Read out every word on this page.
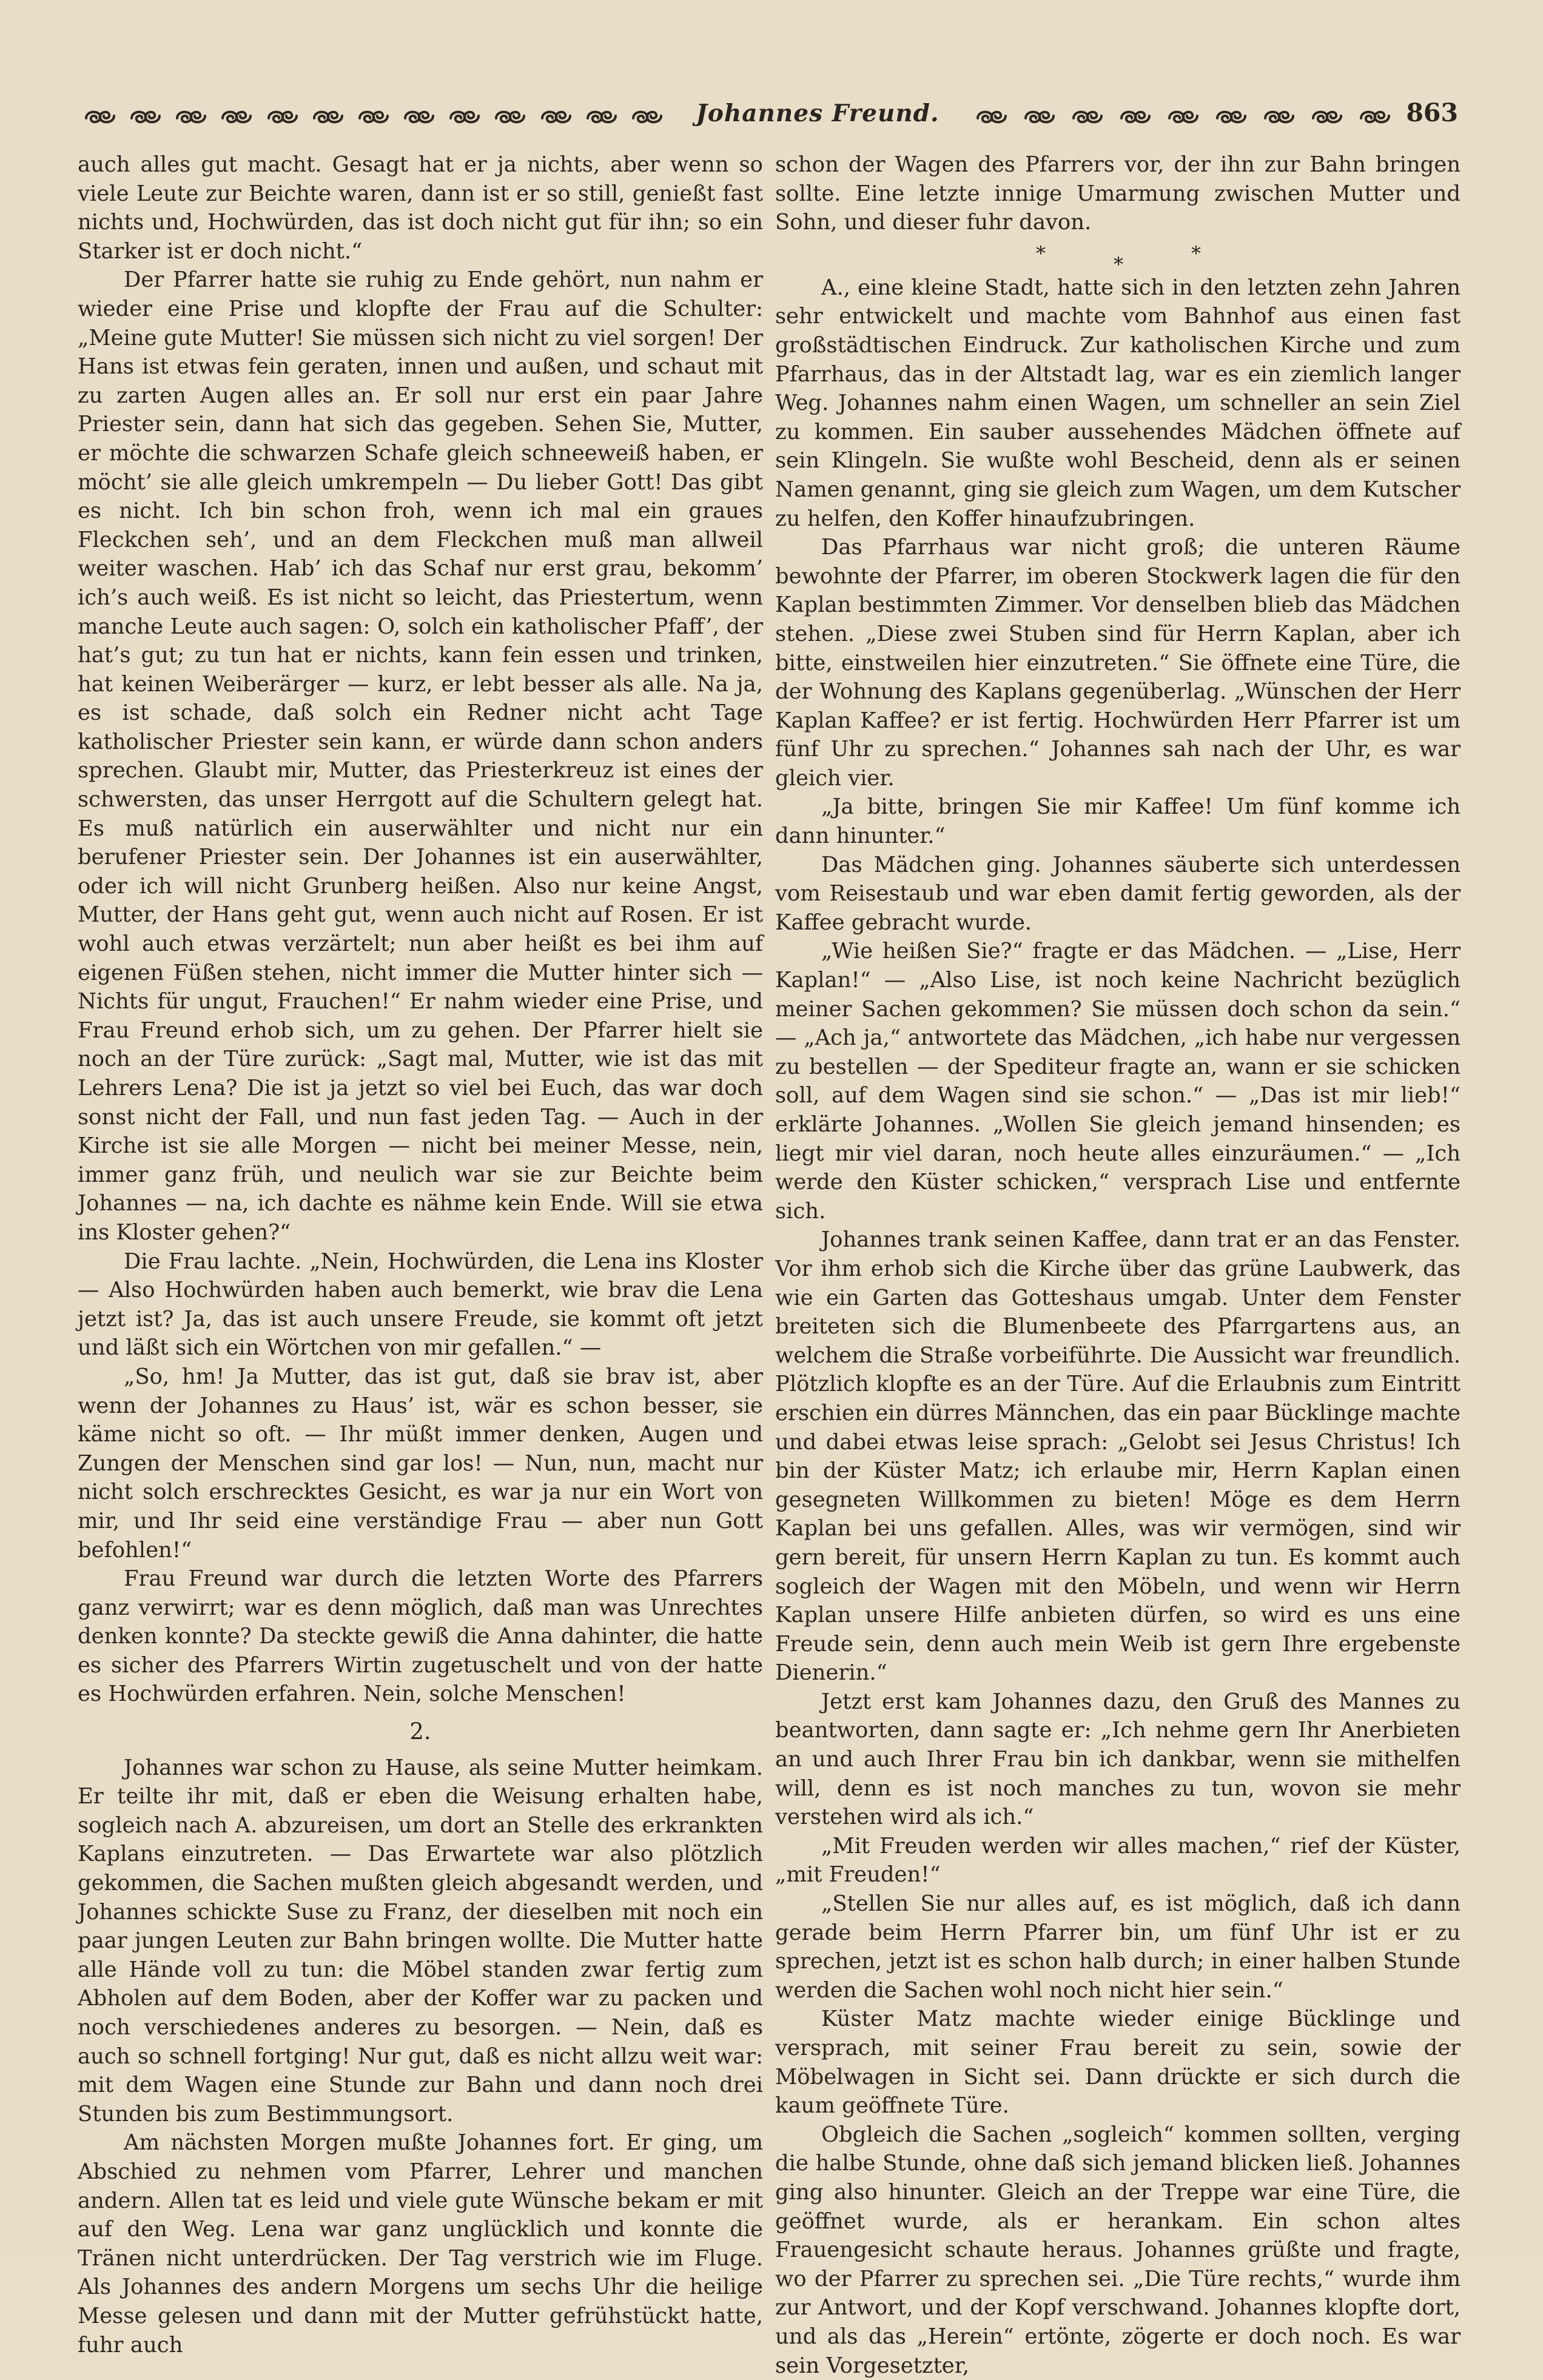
Johannes Freund.	863

auch alles gut macht. Gesagt hat er ja nichts, aber wenn so viele Leute zur Beichte waren, dann ist er so still, genießt fast nichts und, Hochwürden, das ist doch nicht gut für ihn; so ein Starker ist er doch nicht.“

Der Pfarrer hatte sie ruhig zu Ende gehört, nun nahm er wieder eine Prise und klopfte der Frau auf die Schulter: „Meine gute Mutter! Sie müssen sich nicht zu viel sorgen! Der Hans ist etwas fein geraten, innen und außen, und schaut mit zu zarten Augen alles an. Er soll nur erst ein paar Jahre Priester sein, dann hat sich das gegeben. Sehen Sie, Mutter, er möchte die schwarzen Schafe gleich schneeweiß haben, er möcht’ sie alle gleich umkrempeln — Du lieber Gott! Das gibt es nicht. Ich bin schon froh, wenn ich mal ein graues Fleckchen seh’, und an dem Fleckchen muß man allweil weiter waschen. Hab’ ich das Schaf nur erst grau, bekomm’ ich’s auch weiß. Es ist nicht so leicht, das Priestertum, wenn manche Leute auch sagen: O, solch ein katholischer Pfaff’, der hat’s gut; zu tun hat er nichts, kann fein essen und trinken, hat keinen Weiberärger — kurz, er lebt besser als alle. Na ja, es ist schade, daß solch ein Redner nicht acht Tage katholischer Priester sein kann, er würde dann schon anders sprechen. Glaubt mir, Mutter, das Priesterkreuz ist eines der schwersten, das unser Herrgott auf die Schultern gelegt hat. Es muß natürlich ein auserwählter und nicht nur ein berufener Priester sein. Der Johannes ist ein auserwählter, oder ich will nicht Grunberg heißen. Also nur keine Angst, Mutter, der Hans geht gut, wenn auch nicht auf Rosen. Er ist wohl auch etwas verzärtelt; nun aber heißt es bei ihm auf eigenen Füßen stehen, nicht immer die Mutter hinter sich — Nichts für ungut, Frauchen!“ Er nahm wieder eine Prise, und Frau Freund erhob sich, um zu gehen. Der Pfarrer hielt sie noch an der Türe zurück: „Sagt mal, Mutter, wie ist das mit Lehrers Lena? Die ist ja jetzt so viel bei Euch, das war doch sonst nicht der Fall, und nun fast jeden Tag. — Auch in der Kirche ist sie alle Morgen — nicht bei meiner Messe, nein, immer ganz früh, und neulich war sie zur Beichte beim Johannes — na, ich dachte es nähme kein Ende. Will sie etwa ins Kloster gehen?“

Die Frau lachte. „Nein, Hochwürden, die Lena ins Kloster— Also Hochwürden haben auch bemerkt, wie brav die Lena jetzt ist? Ja, das ist auch unsere Freude, sie kommt oft jetzt und läßt sich ein Wörtchen von mir gefallen.“ —

„So, hm! Ja Mutter, das ist gut, daß sie brav ist, aber wenn der Johannes zu Haus’ ist, wär es schon besser, sie käme nicht so oft. — Ihr müßt immer denken, Augen und Zungen der Menschen sind gar los! — Nun, nun, macht nur nicht solch erschrecktes Gesicht, es war ja nur ein Wort von mir, und Ihr seid eine verständige Frau — aber nun Gott befohlen!“

Frau Freund war durch die letzten Worte des Pfarrers ganz verwirrt; war es denn möglich, daß man was Unrechtes denken konnte? Da steckte gewiß die Anna dahinter, die hatte es sicher des Pfarrers Wirtin zugetuschelt und von der hatte es Hochwürden erfahren. Nein, solche Menschen!

2.

Johannes war schon zu Hause, als seine Mutter heimkam. Er teilte ihr mit, daß er eben die Weisung erhalten habe, sogleich nach A. abzureisen, um dort an Stelle des erkrankten Kaplans einzutreten. — Das Erwartete war also plötzlich gekommen, die Sachen mußten gleich abgesandt werden, und Johannes schickte Suse zu Franz, der dieselben mit noch ein paar jungen Leuten zur Bahn bringen wollte. Die Mutter hatte alle Hände voll zu tun: die Möbel standen zwar fertig zum Abholen auf dem Boden, aber der Koffer war zu packen und noch verschiedenes anderes zu besorgen. — Nein, daß es auch so schnell fortging! Nur gut, daß es nicht allzu weit war: mit dem Wagen eine Stunde zur Bahn und dann noch drei Stunden bis zum Bestimmungsort.

Am nächsten Morgen mußte Johannes fort. Er ging, um Abschied zu nehmen vom Pfarrer, Lehrer und manchen andern. Allen tat es leid und viele gute Wünsche bekam er mit auf den Weg. Lena war ganz unglücklich und konnte die Tränen nicht unterdrücken. Der Tag verstrich wie im Fluge. Als Johannes des andern Morgens um sechs Uhr die heilige Messe gelesen und dann mit der Mutter gefrühstückt hatte, fuhr auch

schon der Wagen des Pfarrers vor, der ihn zur Bahn bringen sollte. Eine letzte innige Umarmung zwischen Mutter und Sohn, und dieser fuhr davon.

*	*	*

A., eine kleine Stadt, hatte sich in den letzten zehn Jahren sehr entwickelt und machte vom Bahnhof aus einen fast großstädtischen Eindruck. Zur katholischen Kirche und zum Pfarrhaus, das in der Altstadt lag, war es ein ziemlich langer Weg. Johannes nahm einen Wagen, um schneller an sein Ziel zu kommen. Ein sauber aussehendes Mädchen öffnete auf sein Klingeln. Sie wußte wohl Bescheid, denn als er seinen Namen genannt, ging sie gleich zum Wagen, um dem Kutscher zu helfen, den Koffer hinaufzubringen.

Das Pfarrhaus war nicht groß; die unteren Räume bewohnte der Pfarrer, im oberen Stockwerk lagen die für den Kaplan bestimmten Zimmer. Vor denselben blieb das Mädchen stehen. „Diese zwei Stuben sind für Herrn Kaplan, aber ich bitte, einstweilen hier einzutreten.“ Sie öffnete eine Türe, die der Wohnung des Kaplans gegenüberlag. „Wünschen der Herr Kaplan Kaffee? er ist fertig. Hochwürden Herr Pfarrer ist um fünf Uhr zu sprechen.“ Johannes sah nach der Uhr, es war gleich vier.

„Ja bitte, bringen Sie mir Kaffee! Um fünf komme ich dann hinunter.“

Das Mädchen ging. Johannes säuberte sich unterdessen vom Reisestaub und war eben damit fertig geworden, als der Kaffee gebracht wurde.

„Wie heißen Sie?“ fragte er das Mädchen. — „Lise, Herr Kaplan!“ — „Also Lise, ist noch keine Nachricht bezüglich meiner Sachen gekommen? Sie müssen doch schon da sein.“ — „Ach ja,“ antwortete das Mädchen, „ich habe nur vergessen zu bestellen — der Spediteur fragte an, wann er sie schicken soll, auf dem Wagen sind sie schon.“ — „Das ist mir lieb!“ erklärte Johannes. „Wollen Sie gleich jemand hinsenden; es liegt mir viel daran, noch heute alles einzuräumen.“ — „Ich werde den Küster schicken,“ versprach Lise und entfernte sich.

Johannes trank seinen Kaffee, dann trat er an das Fenster. Vor ihm erhob sich die Kirche über das grüne Laubwerk, das wie ein Garten das Gotteshaus umgab. Unter dem Fenster breiteten sich die Blumenbeete des Pfarrgartens aus, an welchem die Straße vorbeiführte. Die Aussicht war freundlich. Plötzlich klopfte es an der Türe. Auf die Erlaubnis zum Eintritt erschien ein dürres Männchen, das ein paar Bücklinge machte und dabei etwas leise sprach: „Gelobt sei Jesus Christus! Ich bin der Küster Matz; ich erlaube mir, Herrn Kaplan einen gesegneten Willkommen zu bieten! Möge es dem Herrn Kaplan bei uns gefallen. Alles, was wir vermögen, sind wir gern bereit, für unsern Herrn Kaplan zu tun. Es kommt auch sogleich der Wagen mit den Möbeln, und wenn wir Herrn Kaplan unsere Hilfe anbieten dürfen, so wird es uns eine Freude sein, denn auch mein Weib ist gern Ihre ergebenste Dienerin.“

Jetzt erst kam Johannes dazu, den Gruß des Mannes zu beantworten, dann sagte er: „Ich nehme gern Ihr Anerbieten an und auch Ihrer Frau bin ich dankbar, wenn sie mithelfen will, denn es ist noch manches zu tun, wovon sie mehr verstehen wird als ich.“

„Mit Freuden werden wir alles machen,“ rief der Küster, „mit Freuden!“

„Stellen Sie nur alles auf, es ist möglich, daß ich dann gerade beim Herrn Pfarrer bin, um fünf Uhr ist er zu sprechen, jetzt ist es schon halb durch; in einer halben Stunde werden die Sachen wohl noch nicht hier sein.“

Küster Matz machte wieder einige Bücklinge und versprach, mit seiner Frau bereit zu sein, sowie der Möbelwagen in Sicht sei. Dann drückte er sich durch die kaum geöffnete Türe.

Obgleich die Sachen „sogleich“ kommen sollten, verging die halbe Stunde, ohne daß sich jemand blicken ließ. Johannes ging also hinunter. Gleich an der Treppe war eine Türe, die geöffnet wurde, als er herankam. Ein schon altes Frauengesicht schaute heraus. Johannes grüßte und fragte, wo der Pfarrer zu sprechen sei. „Die Türe rechts,“ wurde ihm zur Antwort, und der Kopf verschwand. Johannes klopfte dort, und als das „Herein“ ertönte, zögerte er doch noch. Es war sein Vorgesetzter,
